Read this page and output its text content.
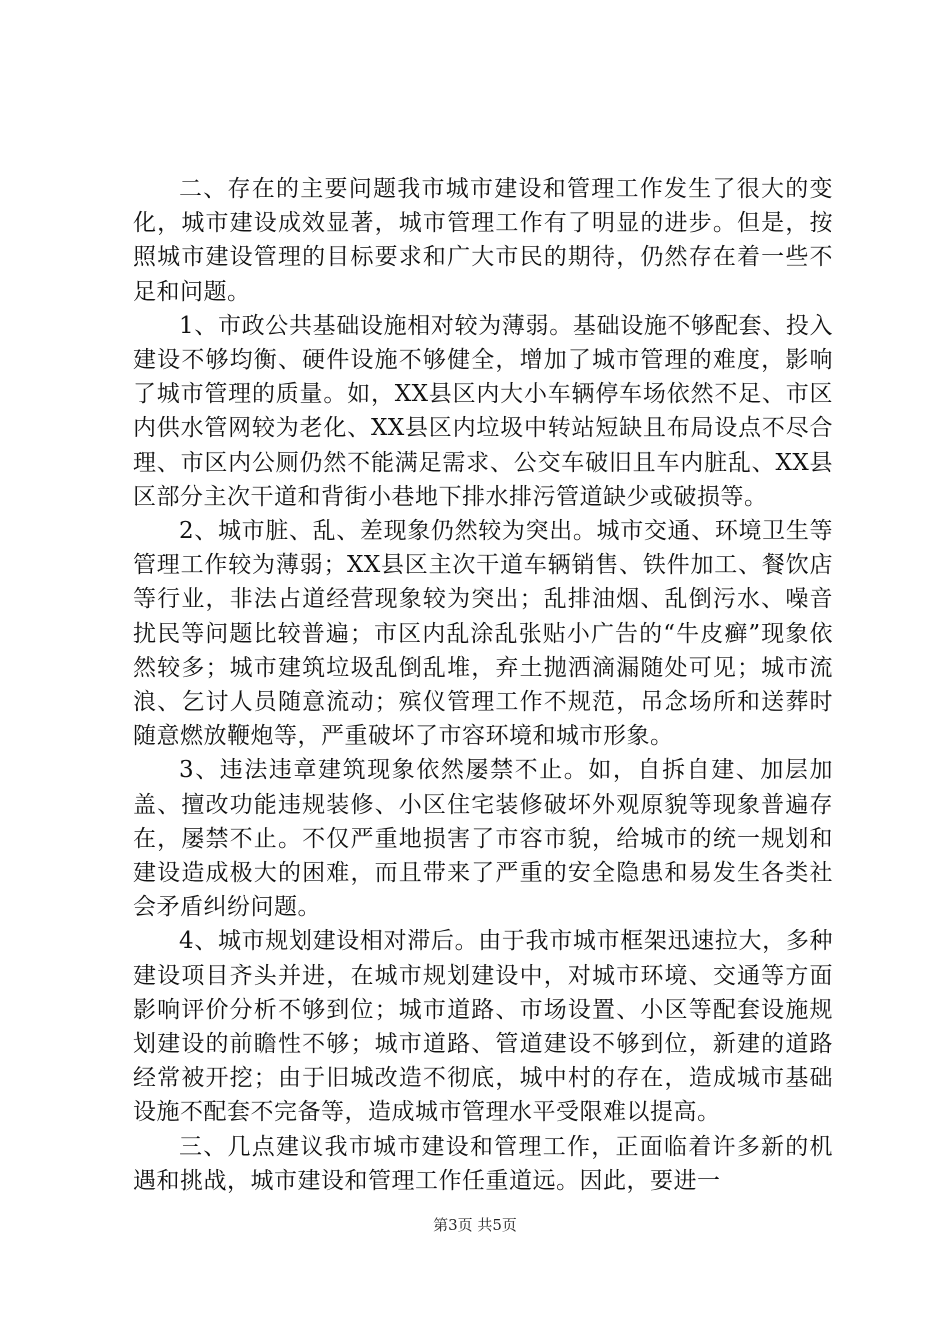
二、存在的主要问题我市城市建设和管理工作发生了很大的变化，城市建设成效显著，城市管理工作有了明显的进步。但是，按照城市建设管理的目标要求和广大市民的期待，仍然存在着一些不足和问题。

1、市政公共基础设施相对较为薄弱。基础设施不够配套、投入建设不够均衡、硬件设施不够健全，增加了城市管理的难度，影响了城市管理的质量。如，XX县区内大小车辆停车场依然不足、市区内供水管网较为老化、XX县区内垃圾中转站短缺且布局设点不尽合理、市区内公厕仍然不能满足需求、公交车破旧且车内脏乱、XX县区部分主次干道和背街小巷地下排水排污管道缺少或破损等。

2、城市脏、乱、差现象仍然较为突出。城市交通、环境卫生等管理工作较为薄弱；XX县区主次干道车辆销售、铁件加工、餐饮店等行业，非法占道经营现象较为突出；乱排油烟、乱倒污水、噪音扰民等问题比较普遍；市区内乱涂乱张贴小广告的“牛皮癣”现象依然较多；城市建筑垃圾乱倒乱堆，弃土抛洒滴漏随处可见；城市流浪、乞讨人员随意流动；殡仪管理工作不规范，吊念场所和送葬时随意燃放鞭炮等，严重破坏了市容环境和城市形象。

3、违法违章建筑现象依然屡禁不止。如，自拆自建、加层加盖、擅改功能违规装修、小区住宅装修破坏外观原貌等现象普遍存在，屡禁不止。不仅严重地损害了市容市貌，给城市的统一规划和建设造成极大的困难，而且带来了严重的安全隐患和易发生各类社会矛盾纠纷问题。

4、城市规划建设相对滞后。由于我市城市框架迅速拉大，多种建设项目齐头并进，在城市规划建设中，对城市环境、交通等方面影响评价分析不够到位；城市道路、市场设置、小区等配套设施规划建设的前瞻性不够；城市道路、管道建设不够到位，新建的道路经常被开挖；由于旧城改造不彻底，城中村的存在，造成城市基础设施不配套不完备等，造成城市管理水平受限难以提高。

三、几点建议我市城市建设和管理工作，正面临着许多新的机遇和挑战，城市建设和管理工作任重道远。因此，要进一

第3页 共5页
